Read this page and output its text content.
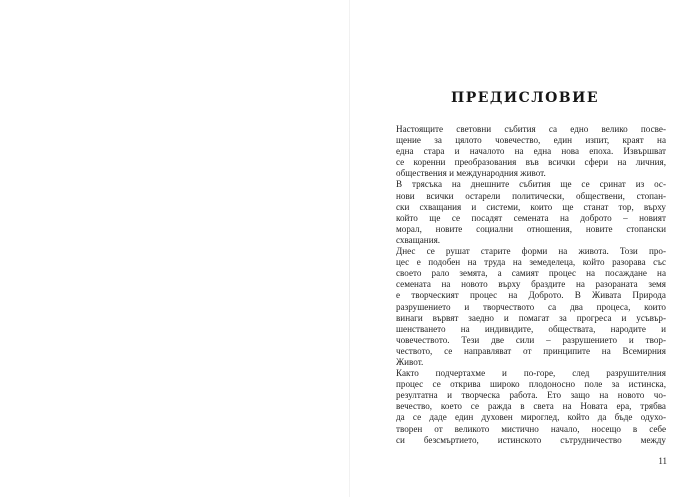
ПРЕДИСЛОВИЕ

Настоящите световни събития са едно велико посве-
щение за цялото човечество, един изпит, краят на
една стара и началото на една нова епоха. Извършват
се коренни преобразования във всички сфери на личния,
обществения и международния живот.

В трясъка на днешните събития ще се сринат из ос-
нови всички остарели политически, обществени, стопан-
ски схващания и системи, които ще станат тор, върху
който ще се посадят семената на доброто – новият
морал, новите социални отношения, новите стопански
схващания.

Днес се рушат старите форми на живота. Този про-
цес е подобен на труда на земеделеца, който разорава със
своето рало земята, а самият процес на посаждане на
семената на новото върху браздите на разораната земя
е творческият процес на Доброто. В Живата Природа
разрушението и творчеството са два процеса, които
винаги вървят заедно и помагат за прогреса и усъвър-
шенстването на индивидите, обществата, народите и
човечеството. Тези две сили – разрушението и твор-
чеството, се направляват от принципите на Всемирния
Живот.

Както подчертахме и по-горе, след разрушителния
процес се открива широко плодоносно поле за истинска,
резултатна и творческа работа. Ето защо на новото чо-
вечество, което се ражда в света на Новата ера, трябва
да се даде един духовен мироглед, който да бъде одухо-
творен от великото мистично начало, носещо в себе
си безсмъртието, истинското сътрудничество между

11
